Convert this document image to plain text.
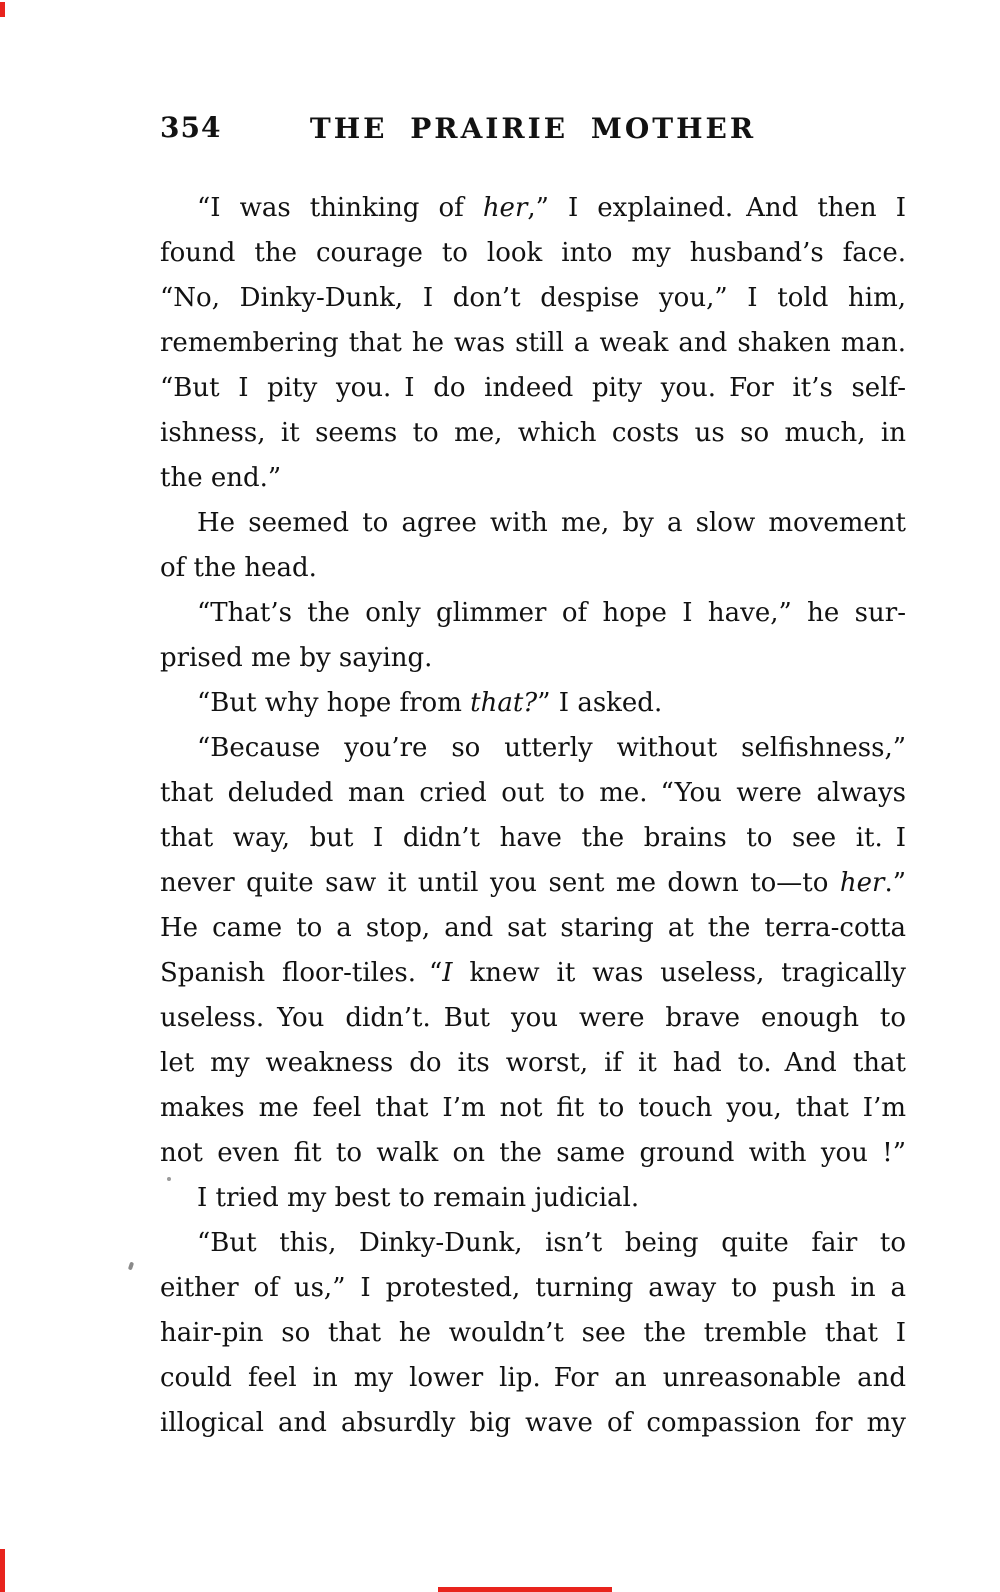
354	THE PRAIRIE MOTHER
“I was thinking of her,” I explained. And then I
found the courage to look into my husband’s face.
“No, Dinky-Dunk, I don’t despise you,” I told him,
remembering that he was still a weak and shaken man.
“But I pity you. I do indeed pity you. For it’s self-
ishness, it seems to me, which costs us so much, in
the end.”
He seemed to agree with me, by a slow movement
of the head.
“That’s the only glimmer of hope I have,” he sur-
prised me by saying.
“But why hope from that?” I asked.
“Because you’re so utterly without selfishness,”
that deluded man cried out to me. “You were always
that way, but I didn’t have the brains to see it. I
never quite saw it until you sent me down to—to her.”
He came to a stop, and sat staring at the terra-cotta
Spanish floor-tiles. “I knew it was useless, tragically
useless. You didn’t. But you were brave enough to
let my weakness do its worst, if it had to. And that
makes me feel that I’m not fit to touch you, that I’m
not even fit to walk on the same ground with you !”
I tried my best to remain judicial.
“But this, Dinky-Dunk, isn’t being quite fair to
either of us,” I protested, turning away to push in a
hair-pin so that he wouldn’t see the tremble that I
could feel in my lower lip. For an unreasonable and
illogical and absurdly big wave of compassion for my
